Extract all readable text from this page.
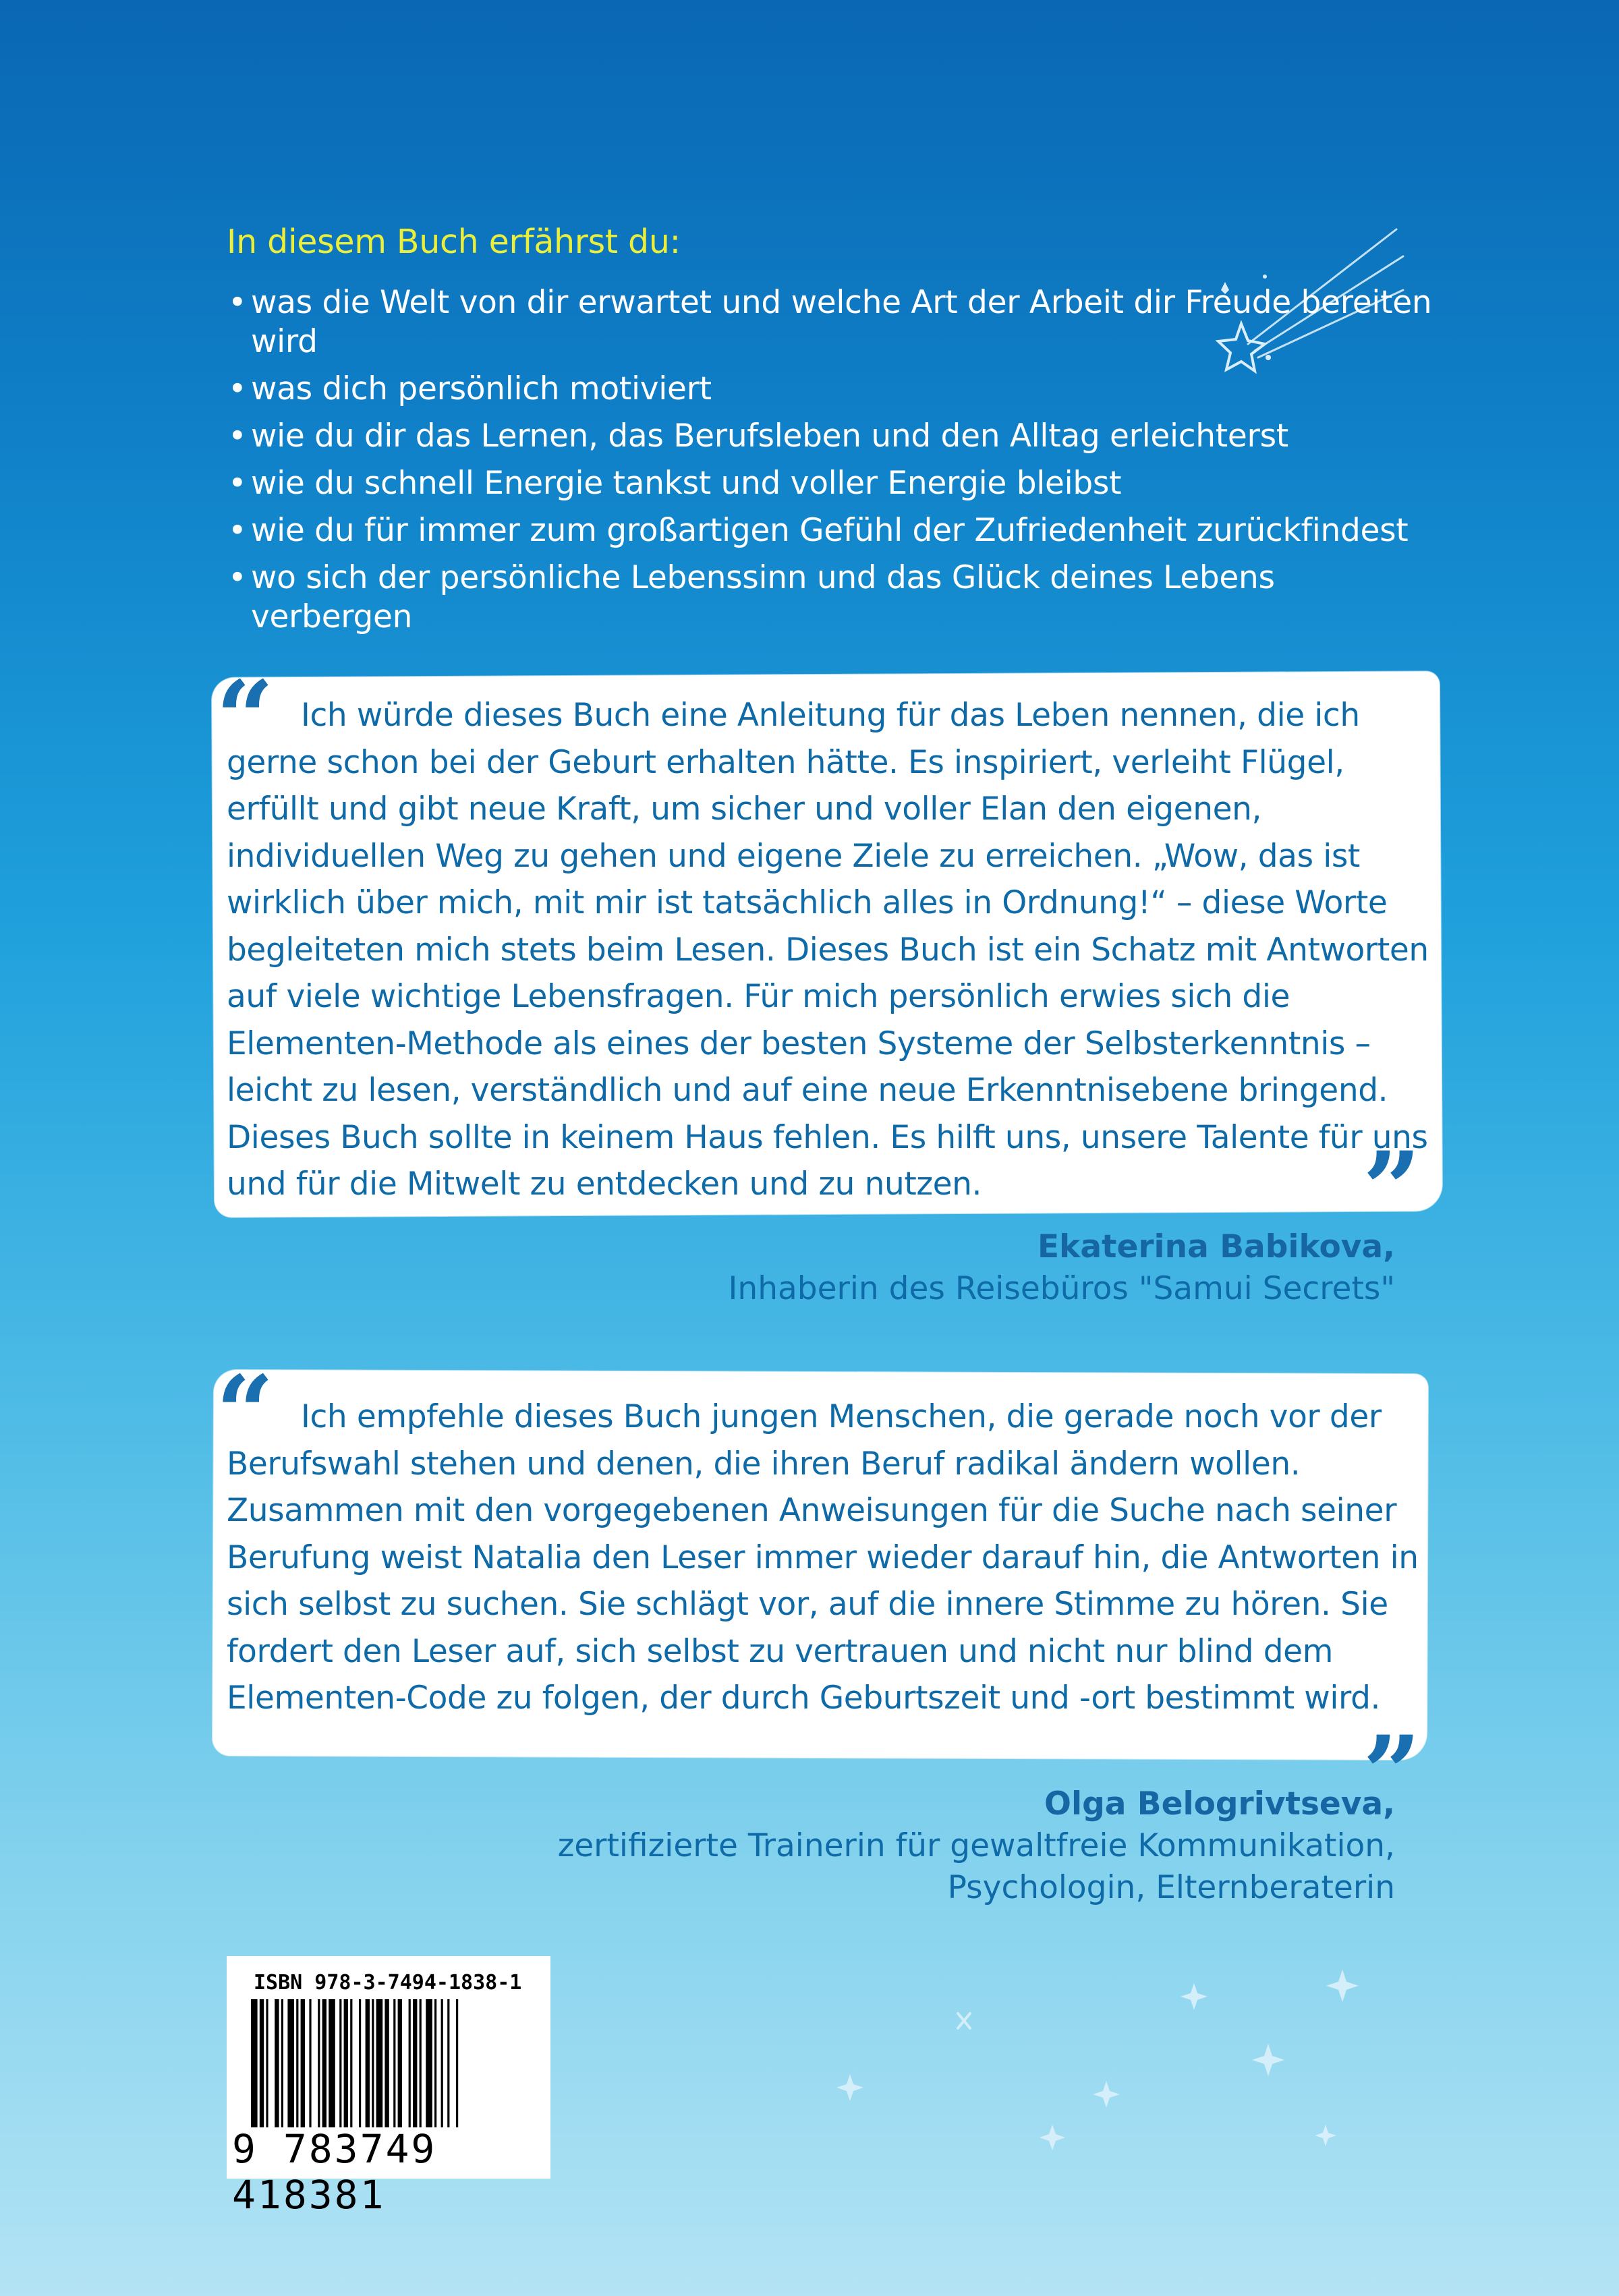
In diesem Buch erfährst du:
• was die Welt von dir erwartet und welche Art der Arbeit dir Freude bereiten wird
• was dich persönlich motiviert
• wie du dir das Lernen, das Berufsleben und den Alltag erleichterst
• wie du schnell Energie tankst und voller Energie bleibst
• wie du für immer zum großartigen Gefühl der Zufriedenheit zurückfindest
• wo sich der persönliche Lebenssinn und das Glück deines Lebens verbergen
“ Ich würde dieses Buch eine Anleitung für das Leben nennen, die ich gerne schon bei der Geburt erhalten hätte. Es inspiriert, verleiht Flügel, erfüllt und gibt neue Kraft, um sicher und voller Elan den eigenen, individuellen Weg zu gehen und eigene Ziele zu erreichen. „Wow, das ist wirklich über mich, mit mir ist tatsächlich alles in Ordnung!“ – diese Worte begleiteten mich stets beim Lesen. Dieses Buch ist ein Schatz mit Antworten auf viele wichtige Lebensfragen. Für mich persönlich erwies sich die Elementen-Methode als eines der besten Systeme der Selbsterkenntnis – leicht zu lesen, verständlich und auf eine neue Erkenntnisebene bringend. Dieses Buch sollte in keinem Haus fehlen. Es hilft uns, unsere Talente für uns und für die Mitwelt zu entdecken und zu nutzen.	”
Ekaterina Babikova,
Inhaberin des Reisebüros "Samui Secrets"
“ Ich empfehle dieses Buch jungen Menschen, die gerade noch vor der Berufswahl stehen und denen, die ihren Beruf radikal ändern wollen. Zusammen mit den vorgegebenen Anweisungen für die Suche nach seiner Berufung weist Natalia den Leser immer wieder darauf hin, die Antworten in sich selbst zu suchen. Sie schlägt vor, auf die innere Stimme zu hören. Sie fordert den Leser auf, sich selbst zu vertrauen und nicht nur blind dem Elementen-Code zu folgen, der durch Geburtszeit und -ort bestimmt wird.

”
Olga Belogrivtseva,
zertifizierte Trainerin für gewaltfreie Kommunikation,
Psychologin, Elternberaterin
ISBN 978-3-7494-1838-1
9 783749 418381
